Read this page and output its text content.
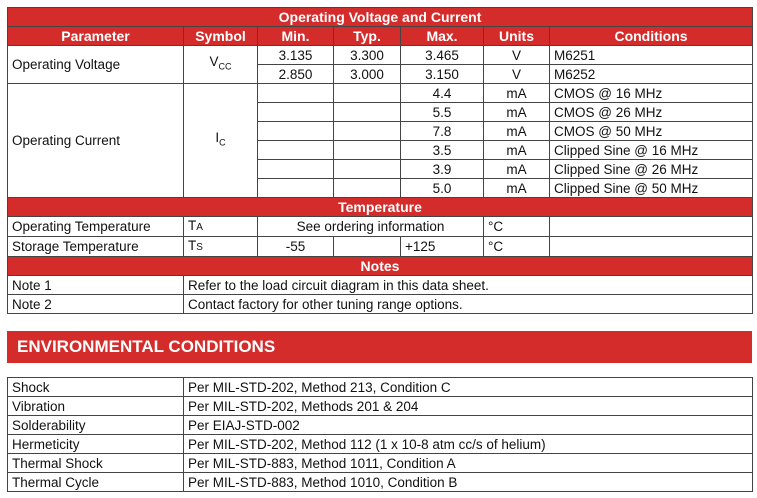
Operating Voltage and Current						
Parameter	Symbol	Min.	Typ.	Max.	Units	Conditions
Operating Voltage	$V_{CC}$	3.135	3.300	3.465	V	M6251
		2.850	3.000	3.150	V	M6252
Operating Current	$I_C$			4.4	mA	CMOS @ 16 MHz
				5.5	mA	CMOS @ 26 MHz
				7.8	mA	CMOS @ 50 MHz
				3.5	mA	Clipped Sine @ 16 MHz
				3.9	mA	Clipped Sine @ 26 MHz
				5.0	mA	Clipped Sine @ 50 MHz
Temperature						
Operating Temperature	TA	See ordering information			°C	
Storage Temperature	TS	-55		+125	°C	
Notes						
Note 1	Refer to the load circuit diagram in this data sheet.					
Note 2	Contact factory for other tuning range options.					
ENVIRONMENTAL CONDITIONS
Shock	Per MIL-STD-202, Method 213, Condition C
Vibration	Per MIL-STD-202, Methods 201 & 204
Solderability	Per EIAJ-STD-002
Hermeticity	Per MIL-STD-202, Method 112 (1 x 10-8 atm cc/s of helium)
Thermal Shock	Per MIL-STD-883, Method 1011, Condition A
Thermal Cycle	Per MIL-STD-883, Method 1010, Condition B
